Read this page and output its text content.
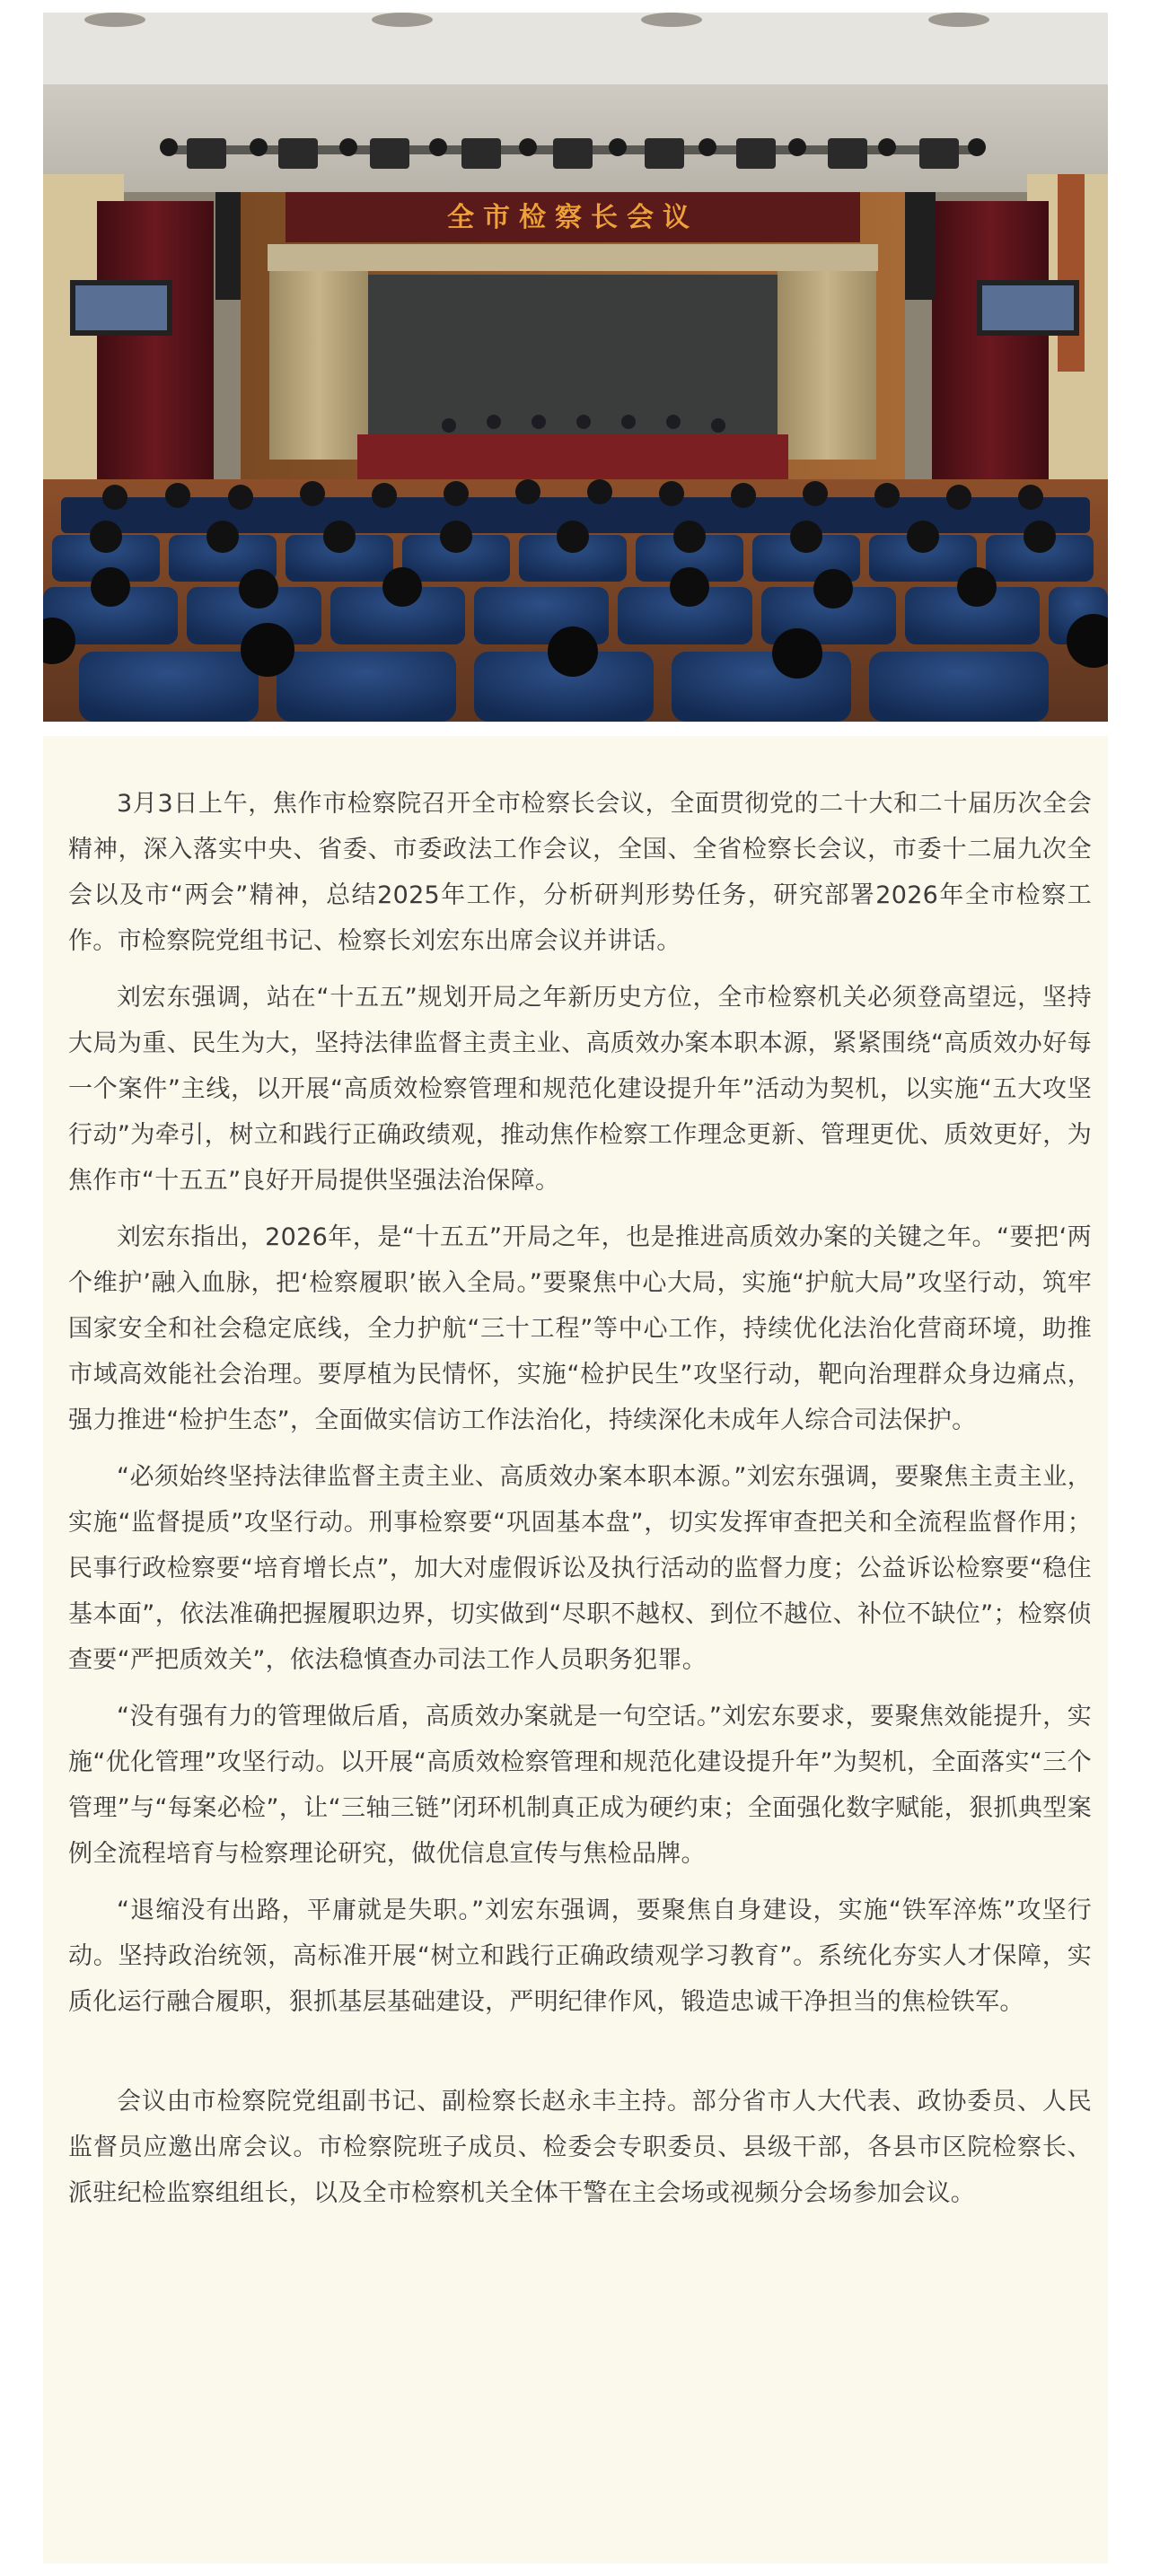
全市检察长会议

3月3日上午，焦作市检察院召开全市检察长会议，全面贯彻党的二十大和二十届历次全会精神，深入落实中央、省委、市委政法工作会议，全国、全省检察长会议，市委十二届九次全会以及市“两会”精神，总结2025年工作，分析研判形势任务，研究部署2026年全市检察工作。市检察院党组书记、检察长刘宏东出席会议并讲话。

刘宏东强调，站在“十五五”规划开局之年新历史方位，全市检察机关必须登高望远，坚持大局为重、民生为大，坚持法律监督主责主业、高质效办案本职本源，紧紧围绕“高质效办好每一个案件”主线，以开展“高质效检察管理和规范化建设提升年”活动为契机，以实施“五大攻坚行动”为牵引，树立和践行正确政绩观，推动焦作检察工作理念更新、管理更优、质效更好，为焦作市“十五五”良好开局提供坚强法治保障。

刘宏东指出，2026年，是“十五五”开局之年，也是推进高质效办案的关键之年。“要把‘两个维护’融入血脉，把‘检察履职’嵌入全局。”要聚焦中心大局，实施“护航大局”攻坚行动，筑牢国家安全和社会稳定底线，全力护航“三十工程”等中心工作，持续优化法治化营商环境，助推市域高效能社会治理。要厚植为民情怀，实施“检护民生”攻坚行动，靶向治理群众身边痛点，强力推进“检护生态”，全面做实信访工作法治化，持续深化未成年人综合司法保护。

“必须始终坚持法律监督主责主业、高质效办案本职本源。”刘宏东强调，要聚焦主责主业，实施“监督提质”攻坚行动。刑事检察要“巩固基本盘”，切实发挥审查把关和全流程监督作用；民事行政检察要“培育增长点”，加大对虚假诉讼及执行活动的监督力度；公益诉讼检察要“稳住基本面”，依法准确把握履职边界，切实做到“尽职不越权、到位不越位、补位不缺位”；检察侦查要“严把质效关”，依法稳慎查办司法工作人员职务犯罪。

“没有强有力的管理做后盾，高质效办案就是一句空话。”刘宏东要求，要聚焦效能提升，实施“优化管理”攻坚行动。以开展“高质效检察管理和规范化建设提升年”为契机，全面落实“三个管理”与“每案必检”，让“三轴三链”闭环机制真正成为硬约束；全面强化数字赋能，狠抓典型案例全流程培育与检察理论研究，做优信息宣传与焦检品牌。

“退缩没有出路，平庸就是失职。”刘宏东强调，要聚焦自身建设，实施“铁军淬炼”攻坚行动。坚持政治统领，高标准开展“树立和践行正确政绩观学习教育”。系统化夯实人才保障，实质化运行融合履职，狠抓基层基础建设，严明纪律作风，锻造忠诚干净担当的焦检铁军。

会议由市检察院党组副书记、副检察长赵永丰主持。部分省市人大代表、政协委员、人民监督员应邀出席会议。市检察院班子成员、检委会专职委员、县级干部，各县市区院检察长、派驻纪检监察组组长，以及全市检察机关全体干警在主会场或视频分会场参加会议。
